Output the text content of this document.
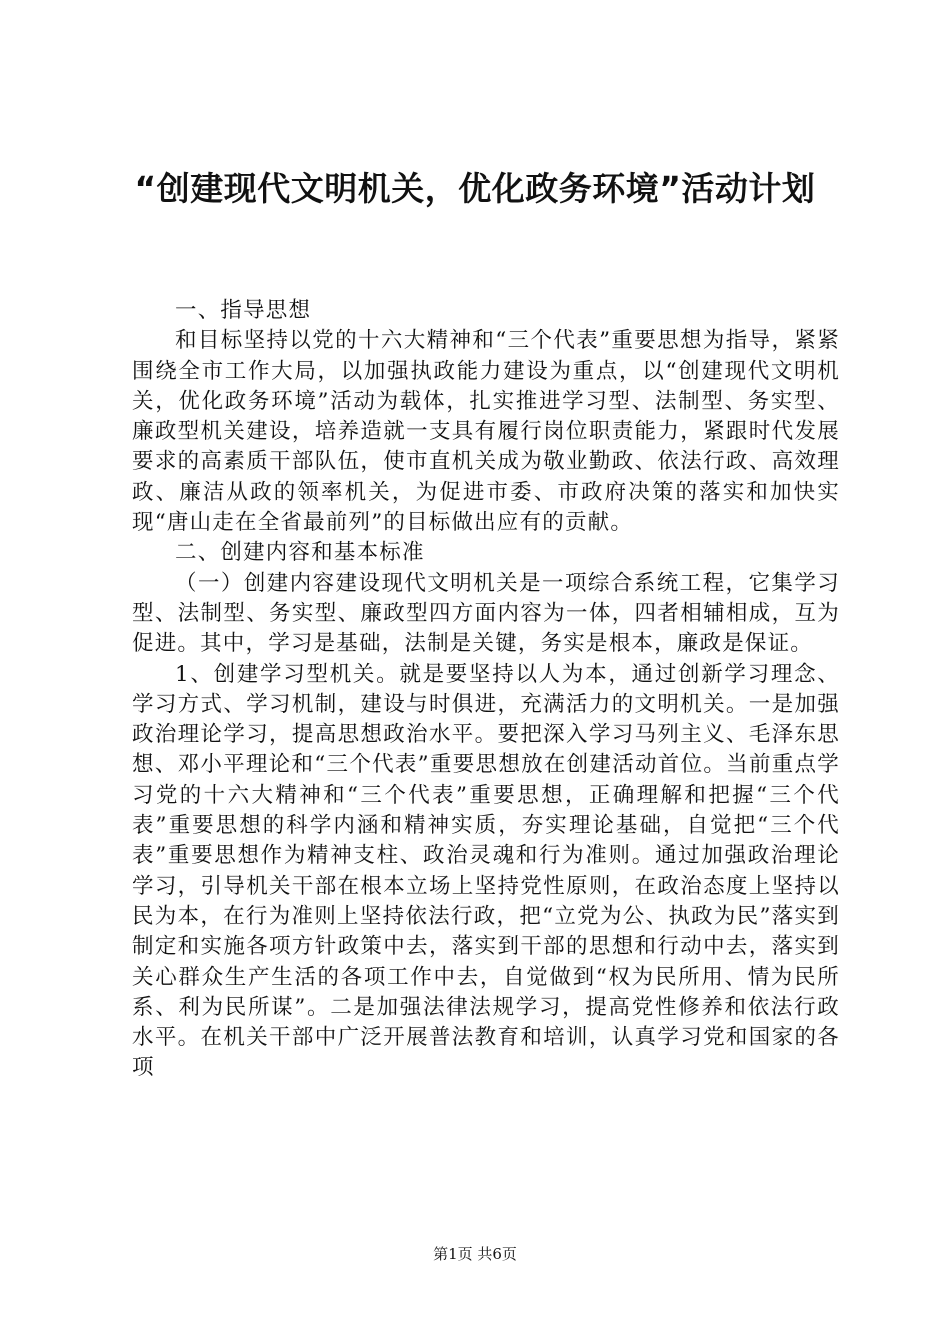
“创建现代文明机关，优化政务环境”活动计划

一、指导思想

和目标坚持以党的十六大精神和“三个代表”重要思想为指导，紧紧围绕全市工作大局，以加强执政能力建设为重点，以“创建现代文明机关，优化政务环境”活动为载体，扎实推进学习型、法制型、务实型、廉政型机关建设，培养造就一支具有履行岗位职责能力，紧跟时代发展要求的高素质干部队伍，使市直机关成为敬业勤政、依法行政、高效理政、廉洁从政的领率机关，为促进市委、市政府决策的落实和加快实现“唐山走在全省最前列”的目标做出应有的贡献。

二、创建内容和基本标准

（一）创建内容建设现代文明机关是一项综合系统工程，它集学习型、法制型、务实型、廉政型四方面内容为一体，四者相辅相成，互为促进。其中，学习是基础，法制是关键，务实是根本，廉政是保证。

1、创建学习型机关。就是要坚持以人为本，通过创新学习理念、学习方式、学习机制，建设与时俱进，充满活力的文明机关。一是加强政治理论学习，提高思想政治水平。要把深入学习马列主义、毛泽东思想、邓小平理论和“三个代表”重要思想放在创建活动首位。当前重点学习党的十六大精神和“三个代表”重要思想，正确理解和把握“三个代表”重要思想的科学内涵和精神实质，夯实理论基础，自觉把“三个代表”重要思想作为精神支柱、政治灵魂和行为准则。通过加强政治理论学习，引导机关干部在根本立场上坚持党性原则，在政治态度上坚持以民为本，在行为准则上坚持依法行政，把“立党为公、执政为民”落实到制定和实施各项方针政策中去，落实到干部的思想和行动中去，落实到关心群众生产生活的各项工作中去，自觉做到“权为民所用、情为民所系、利为民所谋”。二是加强法律法规学习，提高党性修养和依法行政水平。在机关干部中广泛开展普法教育和培训，认真学习党和国家的各项

第1页 共6页
